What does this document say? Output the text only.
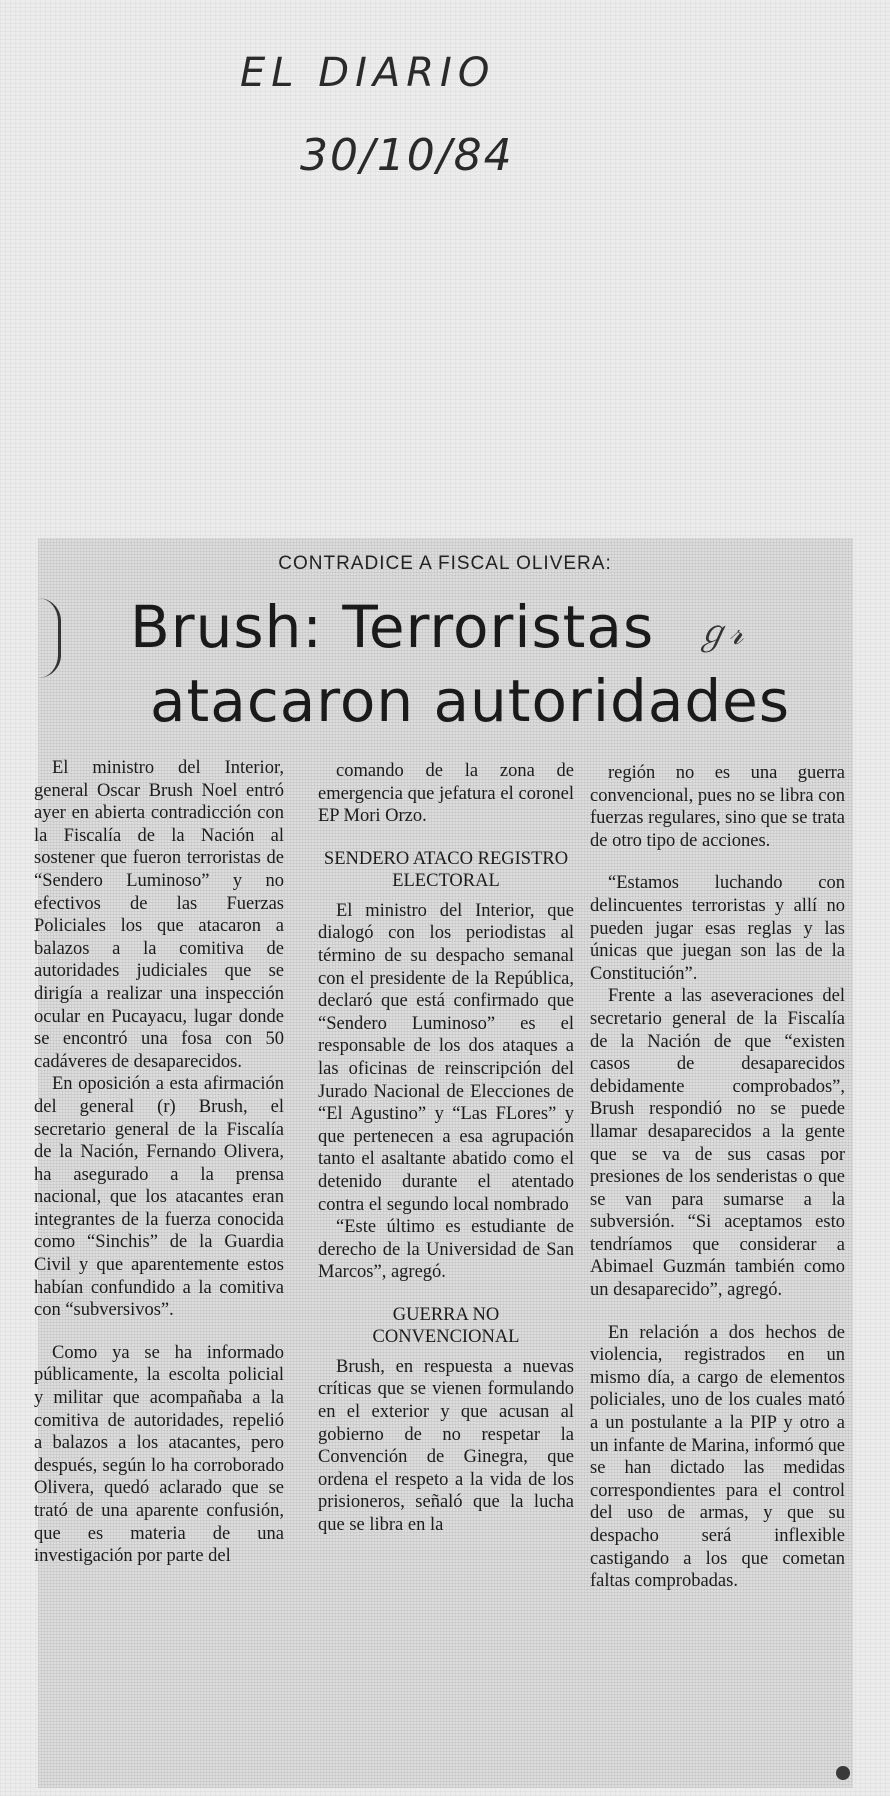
EL DIARIO
30/10/84
CONTRADICE A FISCAL OLIVERA:
Brush: Terroristas
atacaron autoridades
ℊ𝓇

El ministro del Interior, general Oscar Brush Noel entró ayer en abierta contradicción con la Fiscalía de la Nación al sostener que fueron terroristas de “Sendero Luminoso” y no efectivos de las Fuerzas Policiales los que atacaron a balazos a la comitiva de autoridades judiciales que se dirigía a realizar una inspección ocular en Pucayacu, lugar donde se encontró una fosa con 50 cadáveres de desaparecidos.

En oposición a esta afirmación del general (r) Brush, el secretario general de la Fiscalía de la Nación, Fernando Olivera, ha asegurado a la prensa nacional, que los atacantes eran integrantes de la fuerza conocida como “Sinchis” de la Guardia Civil y que aparentemente estos habían confundido a la comitiva con “subversivos”.

Como ya se ha informado públicamente, la escolta policial y militar que acompañaba a la comitiva de autoridades, repelió a balazos a los atacantes, pero después, según lo ha corroborado Olivera, quedó aclarado que se trató de una aparente confusión, que es materia de una investigación por parte del

comando de la zona de emergencia que jefatura el coronel EP Mori Orzo.

SENDERO ATACO REGISTRO ELECTORAL

El ministro del Interior, que dialogó con los periodistas al término de su despacho semanal con el presidente de la República, declaró que está confirmado que “Sendero Luminoso” es el responsable de los dos ataques a las oficinas de reinscripción del Jurado Nacional de Elecciones de “El Agustino” y “Las FLores” y que pertenecen a esa agrupación tanto el asaltante abatido como el detenido durante el atentado contra el segundo local nombrado

“Este último es estudiante de derecho de la Universidad de San Marcos”, agregó.

GUERRA NO CONVENCIONAL

Brush, en respuesta a nuevas críticas que se vienen formulando en el exterior y que acusan al gobierno de no respetar la Convención de Ginegra, que ordena el respeto a la vida de los prisioneros, señaló que la lucha que se libra en la

región no es una guerra convencional, pues no se libra con fuerzas regulares, sino que se trata de otro tipo de acciones.

“Estamos luchando con delincuentes terroristas y allí no pueden jugar esas reglas y las únicas que juegan son las de la Constitución”.

Frente a las aseveraciones del secretario general de la Fiscalía de la Nación de que “existen casos de desaparecidos debidamente comprobados”, Brush respondió no se puede llamar desaparecidos a la gente que se va de sus casas por presiones de los senderistas o que se van para sumarse a la subversión. “Si aceptamos esto tendríamos que considerar a Abimael Guzmán también como un desaparecido”, agregó.

En relación a dos hechos de violencia, registrados en un mismo día, a cargo de elementos policiales, uno de los cuales mató a un postulante a la PIP y otro a un infante de Marina, informó que se han dictado las medidas correspondientes para el control del uso de armas, y que su despacho será inflexible castigando a los que cometan faltas comprobadas.
